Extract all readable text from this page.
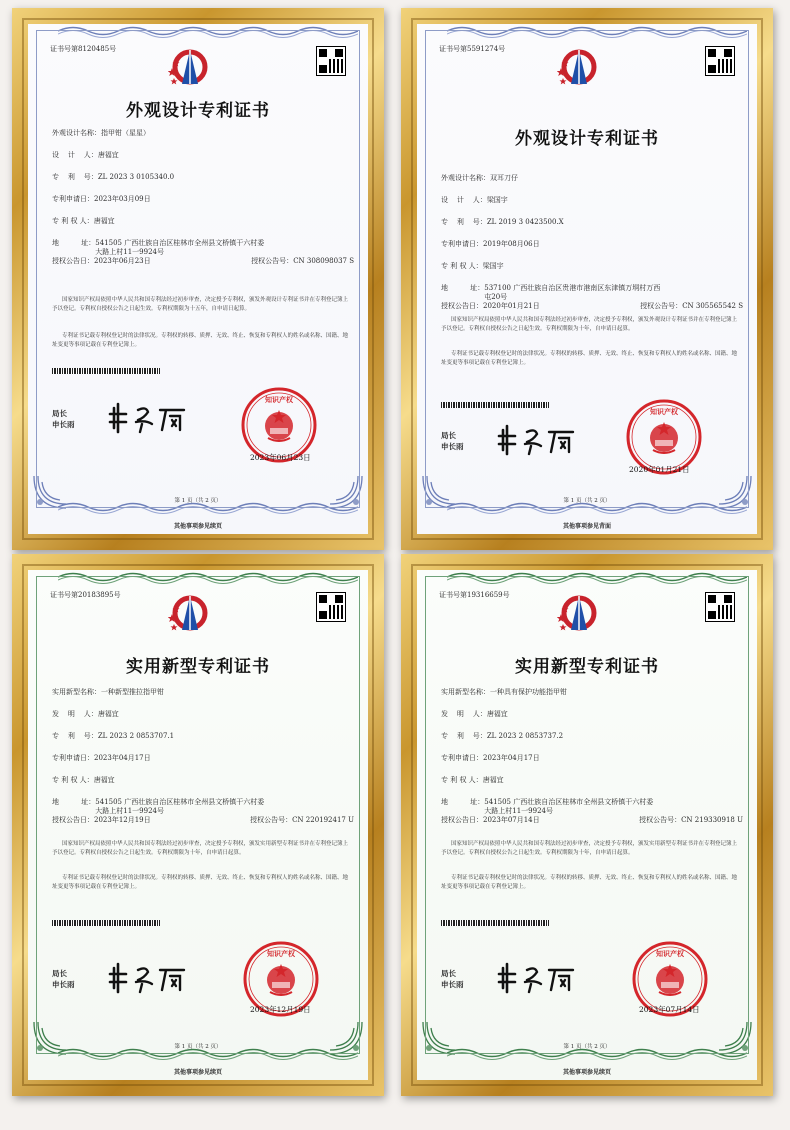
证书号第8120485号
外观设计专利证书
外观设计名称： 指甲钳（星星）
设    计    人： 唐福宜
专    利    号： ZL 2023 3 0105340.0
专利申请日： 2023年03月09日
专 利 权 人： 唐福宜
地          址： 541505 广西壮族自治区桂林市全州县文桥镇干六村委
大路上村11一9924号
授权公告日：2023年06月23日	授权公告号：CN 308098037 S
国家知识产权局依照中华人民共和国专利法经过初步审查，决定授予专利权，颁发外观设计专利证书并在专利登记簿上予以登记。专利权自授权公告之日起生效。专利权期限为十五年，自申请日起算。
专利证书记载专利权登记时的法律状况。专利权的转移、质押、无效、终止、恢复和专利权人的姓名或名称、国籍、地址变更等事项记载在专利登记簿上。
局长
申长雨
2023年06月23日
第 1 页（共 2 页）
其他事项参见续页
证书号第5591274号
外观设计专利证书
外观设计名称： 双耳刀仔
设    计    人： 梁国宇
专    利    号： ZL 2019 3 0423500.X
专利申请日： 2019年08月06日
专 利 权 人： 梁国宇
地          址： 537100 广西壮族自治区贵港市港南区东津镇万垌村万西
屯20号
授权公告日：2020年01月21日	授权公告号：CN 305565542 S
国家知识产权局依照中华人民共和国专利法经过初步审查，决定授予专利权，颁发外观设计专利证书并在专利登记簿上予以登记。专利权自授权公告之日起生效。专利权期限为十年，自申请日起算。
专利证书记载专利权登记时的法律状况。专利权的转移、质押、无效、终止、恢复和专利权人的姓名或名称、国籍、地址变更等事项记载在专利登记簿上。
局长
申长雨
2020年01月21日
第 1 页（共 2 页）
其他事项参见背面
证书号第20183895号
实用新型专利证书
实用新型名称： 一种新型推拉指甲钳
发    明    人： 唐福宜
专    利    号： ZL 2023 2 0853707.1
专利申请日： 2023年04月17日
专 利 权 人： 唐福宜
地          址： 541505 广西壮族自治区桂林市全州县文桥镇干六村委
大路上村11一9924号
授权公告日：2023年12月19日	授权公告号：CN 220192417 U
国家知识产权局依照中华人民共和国专利法经过初步审查，决定授予专利权，颁发实用新型专利证书并在专利登记簿上予以登记。专利权自授权公告之日起生效。专利权期限为十年，自申请日起算。
专利证书记载专利权登记时的法律状况。专利权的转移、质押、无效、终止、恢复和专利权人的姓名或名称、国籍、地址变更等事项记载在专利登记簿上。
局长
申长雨
2023年12月19日
第 1 页（共 2 页）
其他事项参见续页
证书号第19316659号
实用新型专利证书
实用新型名称： 一种具有保护功能指甲钳
发    明    人： 唐福宜
专    利    号： ZL 2023 2 0853737.2
专利申请日： 2023年04月17日
专 利 权 人： 唐福宜
地          址： 541505 广西壮族自治区桂林市全州县文桥镇干六村委
大路上村11一9924号
授权公告日：2023年07月14日	授权公告号：CN 219330918 U
国家知识产权局依照中华人民共和国专利法经过初步审查，决定授予专利权，颁发实用新型专利证书并在专利登记簿上予以登记。专利权自授权公告之日起生效。专利权期限为十年，自申请日起算。
专利证书记载专利权登记时的法律状况。专利权的转移、质押、无效、终止、恢复和专利权人的姓名或名称、国籍、地址变更等事项记载在专利登记簿上。
局长
申长雨
2023年07月14日
第 1 页（共 2 页）
其他事项参见续页
